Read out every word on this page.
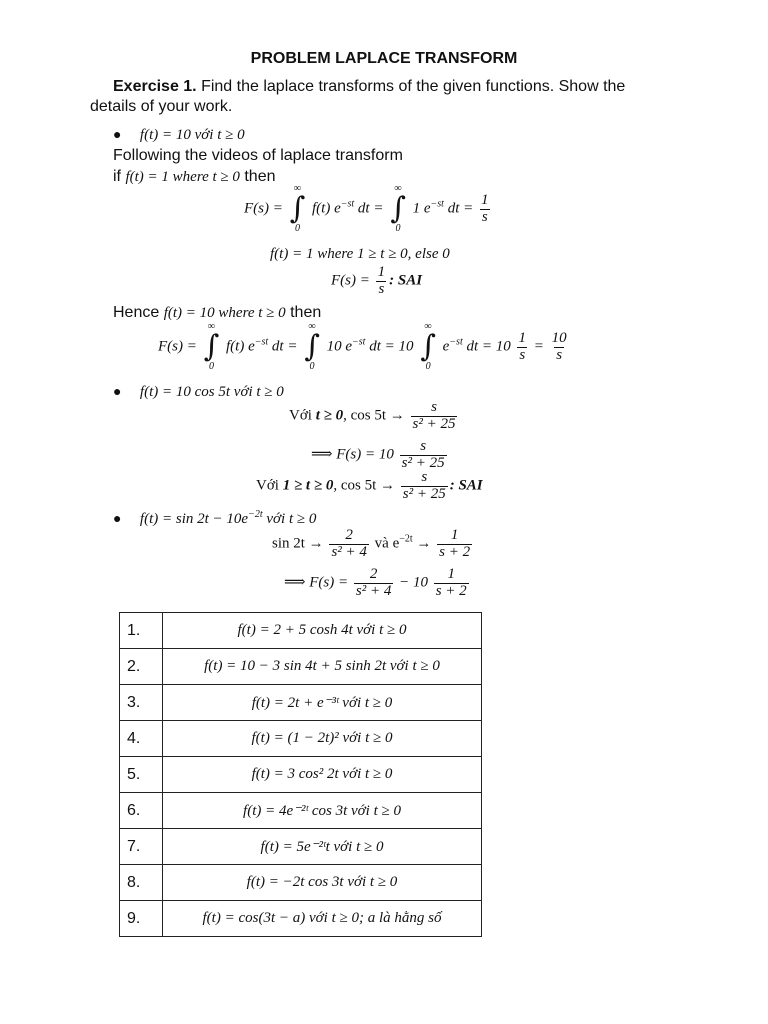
PROBLEM LAPLACE TRANSFORM
Exercise 1. Find the laplace transforms of the given functions. Show the
details of your work.
● f(t) = 10 với t ≥ 0
Following the videos of laplace transform
if f(t) = 1 where t ≥ 0 then
F(s) =
∞
∫
0
f(t) $e^{-st}$ dt =
∞
∫
0
1 $e^{-st}$ dt = $\frac{1}{s}$
f(t) = 1 where 1 ≥ t ≥ 0, else 0
$F(s) = \frac{1}{s}$ : SAI
Hence f(t) = 10 where t ≥ 0 then
F(s) =
∞
∫
0
f(t) $e^{-st}$ dt =
∞
∫
0
10 $e^{-st}$ dt = 10
∞
∫
0
$e^{-st}$ dt = $10 \frac{1}{s} = \frac{10}{s}$
● f(t) = 10 cos 5t với t ≥ 0
Với t ≥ 0, $\cos 5t \to \frac{s}{\text{s² + 25}}$
⟹ $F(s) = 10 \frac{s}{\text{s² + 25}}$
Với 1 ≥ t ≥ 0, $\cos 5t \to \frac{s}{\text{s² + 25}}$ : SAI
● $f(t) = \sin 2t - 10e^{-2t}$ với t ≥ 0
$\sin 2t \to \frac{2}{\text{s² + 4}}$ và $e^{-2t} \to \frac{1}{s + 2}$
⟹ $F(s) = \frac{2}{\text{s² + 4}} - 10 \frac{1}{s + 2}$
1.	f(t) = 2 + 5 cosh 4t với t ≥ 0
2.	f(t) = 10 − 3 sin 4t + 5 sinh 2t với t ≥ 0
3.	f(t) = 2t + e⁻³ᵗ với t ≥ 0
4.	f(t) = (1 − 2t)² với t ≥ 0
5.	f(t) = 3 cos² 2t với t ≥ 0
6.	f(t) = 4e⁻²ᵗ cos 3t với t ≥ 0
7.	f(t) = 5e⁻²ᵗt với t ≥ 0
8.	f(t) = −2t cos 3t với t ≥ 0
9.	f(t) = cos(3t − a) với t ≥ 0; a là hằng số
